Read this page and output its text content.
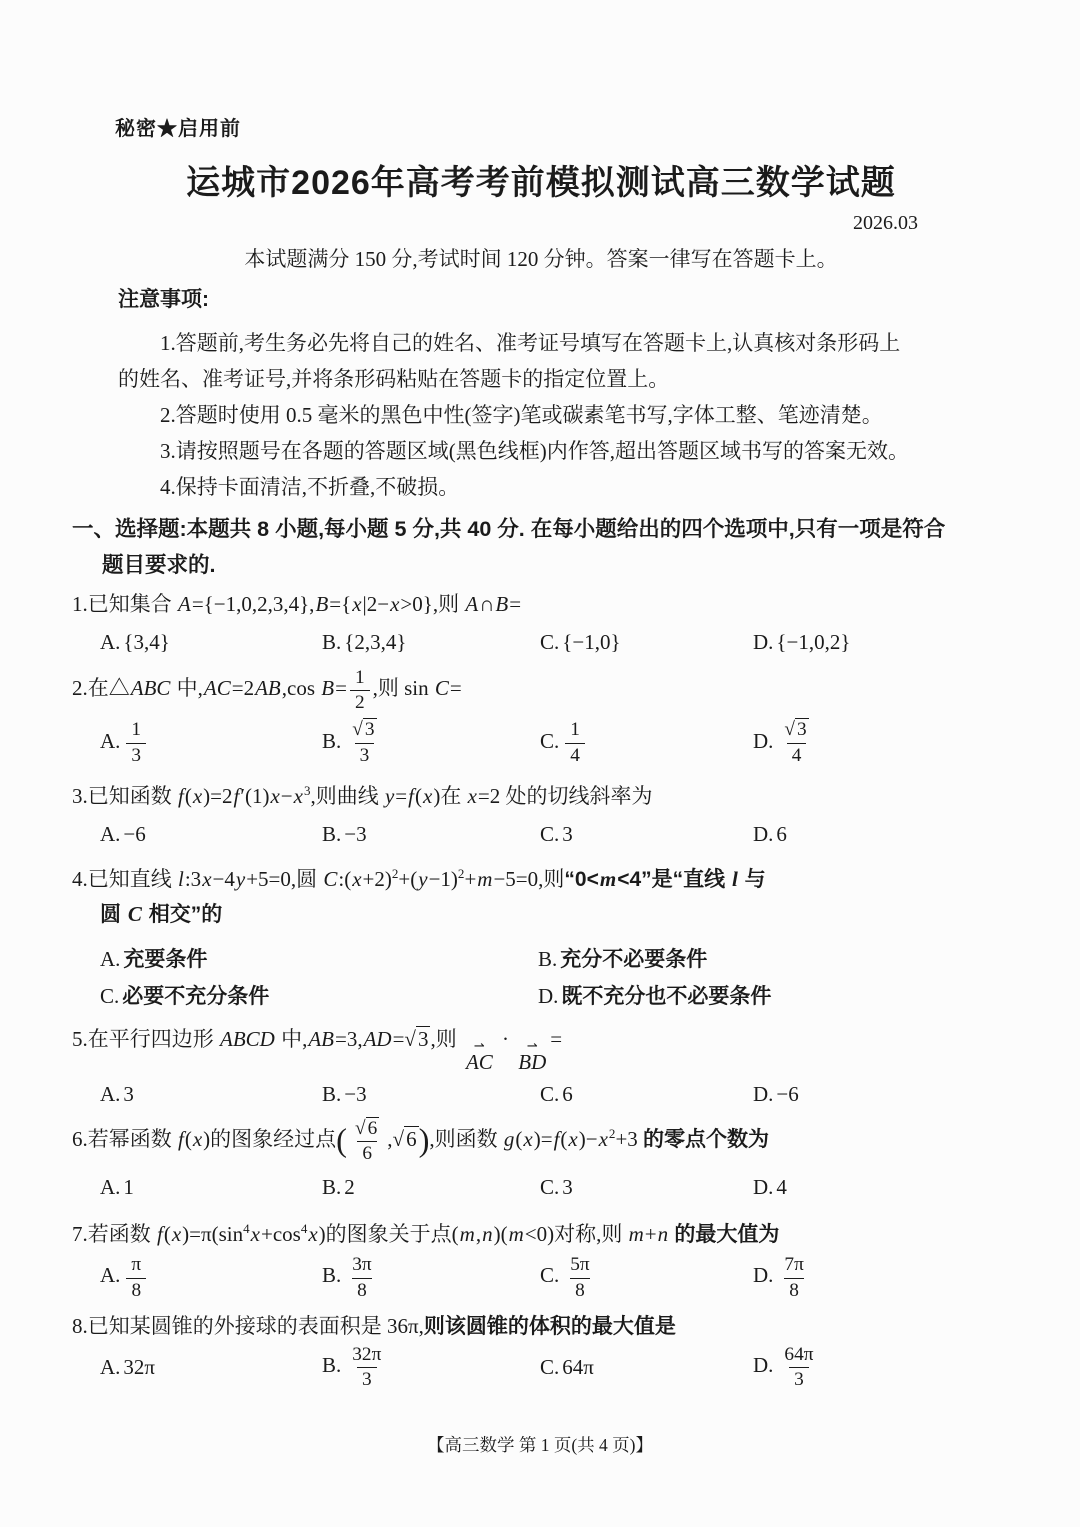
秘密★启用前
运城市2026年高考考前模拟测试高三数学试题
2026.03
本试题满分 150 分,考试时间 120 分钟。答案一律写在答题卡上。
注意事项:
1.答题前,考生务必先将自己的姓名、准考证号填写在答题卡上,认真核对条形码上
的姓名、准考证号,并将条形码粘贴在答题卡的指定位置上。
2.答题时使用 0.5 毫米的黑色中性(签字)笔或碳素笔书写,字体工整、笔迹清楚。
3.请按照题号在各题的答题区域(黑色线框)内作答,超出答题区域书写的答案无效。
4.保持卡面清洁,不折叠,不破损。
一、选择题:本题共 8 小题,每小题 5 分,共 40 分. 在每小题给出的四个选项中,只有一项是符合
题目要求的.
1.已知集合 A={−1,0,2,3,4},B={x|2−x>0},则 A∩B=
A. {3,4}	B. {2,3,4}	C. {−1,0}	D. {−1,0,2}
2.在△ABC 中,AC=2AB,cos $B= \frac{1}{2}$ ,则 sin C=
A. $\frac{1}{3}$	B. $\frac{√ 3}{3}$	C. $\frac{1}{4}$	D. $\frac{√ 3}{4}$
3.已知函数 $f(x)=2f'(1)x-x^3$,则曲线 y=f(x)在 x=2 处的切线斜率为
A. −6	B. −3	C. 3	D. 6
4.已知直线 l:3x−4y+5=0,圆 $C:(x+2)^2+(y-1)^2+m-5=0$,则“0<m<4”是“直线 l 与
圆 C 相交”的
A. 充要条件	B. 充分不必要条件
C. 必要不充分条件	D. 既不充分也不必要条件
5.在平行四边形 ABCD 中,AB=3,AD=√3,则 ⇀
AC
· ⇀
BD
=
A. 3	B. −3	C. 6	D. −6
6.若幂函数 f(x)的图象经过点( $\frac{√ 6}{6} ,√6$),则函数 $g(x)=f(x)-x^2+3$ 的零点个数为
A. 1	B. 2	C. 3	D. 4
7.若函数 $f(x)=\pi(\sin^4x+\cos^4x)$的图象关于点(m,n)(m<0)对称,则 m+n 的最大值为
A. $\frac{\pi}{8}$	B. $\frac{3\pi}{8}$	C. $\frac{5\pi}{8}$	D. $\frac{7\pi}{8}$
8.已知某圆锥的外接球的表面积是 36π,则该圆锥的体积的最大值是
A. 32π	B. $\frac{32\pi}{3}$	C. 64π	D. $\frac{64\pi}{3}$
【高三数学 第 1 页(共 4 页)】
